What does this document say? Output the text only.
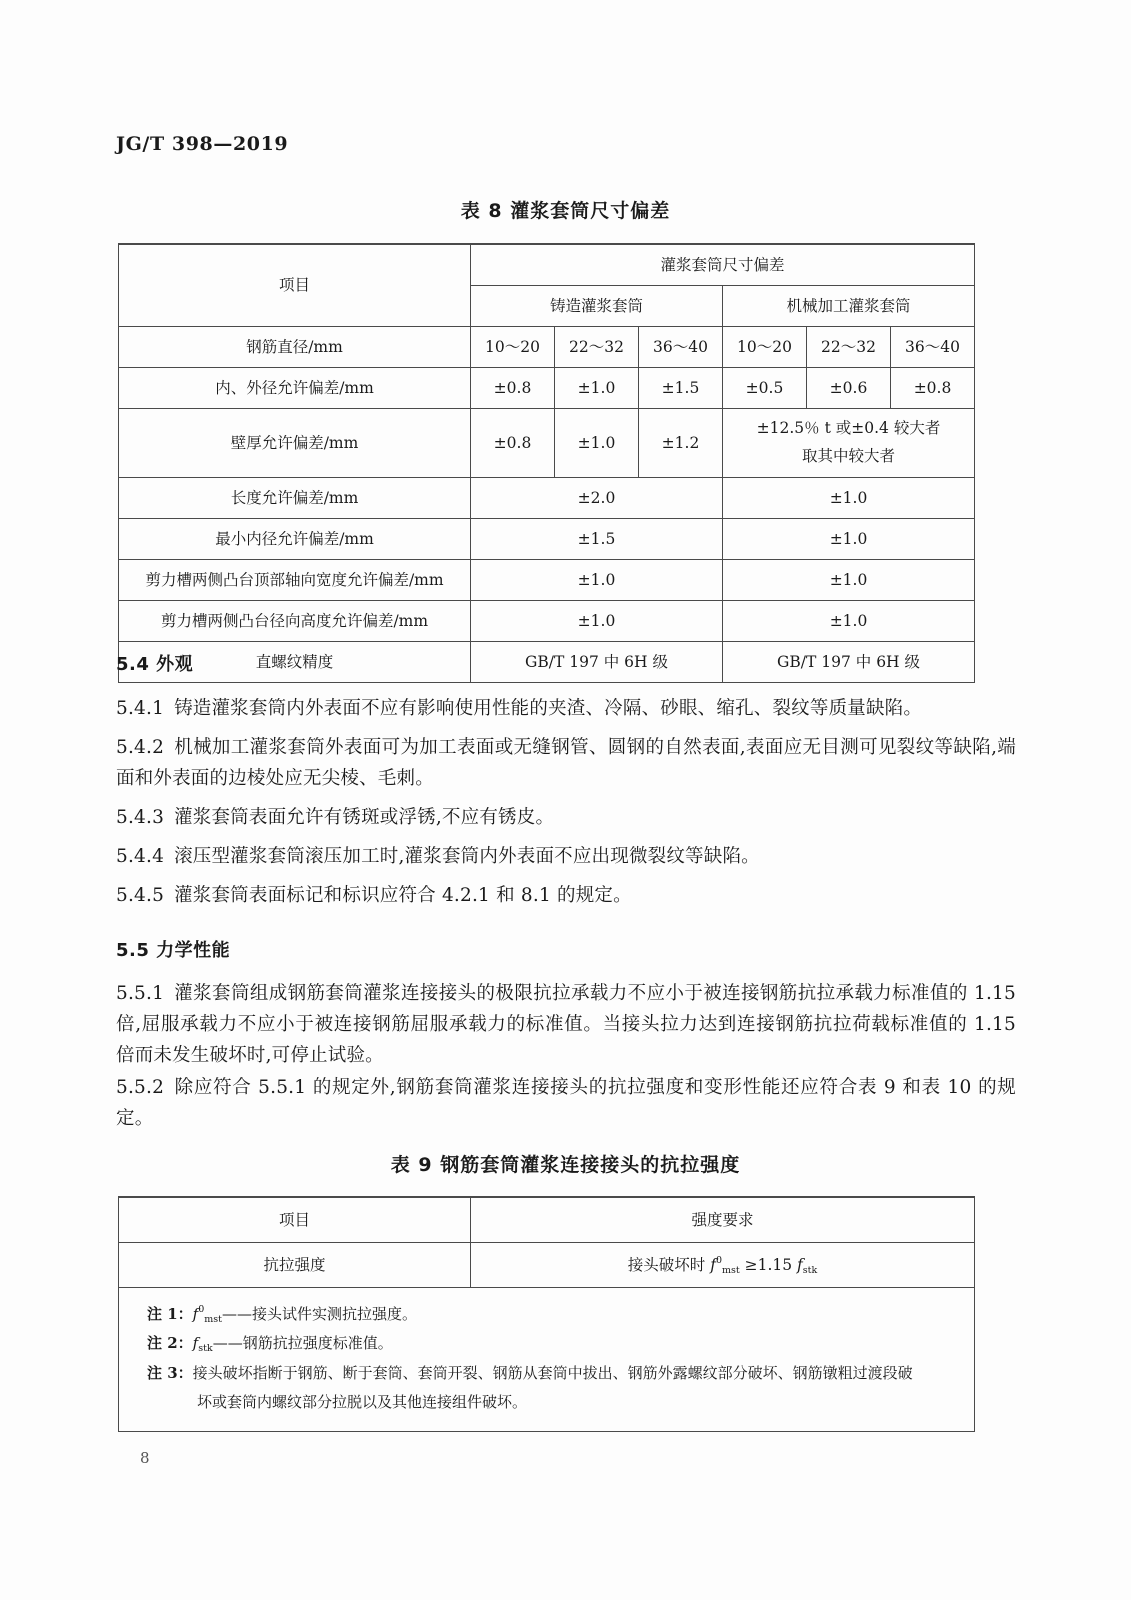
JG/T 398—2019
表 8 灌浆套筒尺寸偏差
项目	灌浆套筒尺寸偏差					
	铸造灌浆套筒			机械加工灌浆套筒		
钢筋直径/mm	10～20	22～32	36～40	10～20	22～32	36～40
内、外径允许偏差/mm	±0.8	±1.0	±1.5	±0.5	±0.6	±0.8
壁厚允许偏差/mm	±0.8	±1.0	±1.2	±12.5％ t 或±0.4 较大者
取其中较大者		

长度允许偏差/mm	±2.0			±1.0		
最小内径允许偏差/mm	±1.5			±1.0		
剪力槽两侧凸台顶部轴向宽度允许偏差/mm	±1.0			±1.0		
剪力槽两侧凸台径向高度允许偏差/mm	±1.0			±1.0		
直螺纹精度	GB/T 197 中 6H 级			GB/T 197 中 6H 级		
5.4 外观
5.4.1 铸造灌浆套筒内外表面不应有影响使用性能的夹渣、冷隔、砂眼、缩孔、裂纹等质量缺陷。
5.4.2 机械加工灌浆套筒外表面可为加工表面或无缝钢管、圆钢的自然表面,表面应无目测可见裂纹等缺陷,端面和外表面的边棱处应无尖棱、毛刺。
5.4.3 灌浆套筒表面允许有锈斑或浮锈,不应有锈皮。
5.4.4 滚压型灌浆套筒滚压加工时,灌浆套筒内外表面不应出现微裂纹等缺陷。
5.4.5 灌浆套筒表面标记和标识应符合 4.2.1 和 8.1 的规定。
5.5 力学性能
5.5.1 灌浆套筒组成钢筋套筒灌浆连接接头的极限抗拉承载力不应小于被连接钢筋抗拉承载力标准值的 1.15 倍,屈服承载力不应小于被连接钢筋屈服承载力的标准值。当接头拉力达到连接钢筋抗拉荷载标准值的 1.15 倍而未发生破坏时,可停止试验。
5.5.2 除应符合 5.5.1 的规定外,钢筋套筒灌浆连接接头的抗拉强度和变形性能还应符合表 9 和表 10 的规定。
表 9 钢筋套筒灌浆连接接头的抗拉强度
项目	强度要求
抗拉强度	接头破坏时 $f^0_{mst} \ge 1.15$ $f_{stk}$

注 1：$f^0_{mst}——$接头试件实测抗拉强度。
注 2：$f_{stk}——$钢筋抗拉强度标准值。
注 3：接头破坏指断于钢筋、断于套筒、套筒开裂、钢筋从套筒中拔出、钢筋外露螺纹部分破坏、钢筋镦粗过渡段破
坏或套筒内螺纹部分拉脱以及其他连接组件破坏。	
8
